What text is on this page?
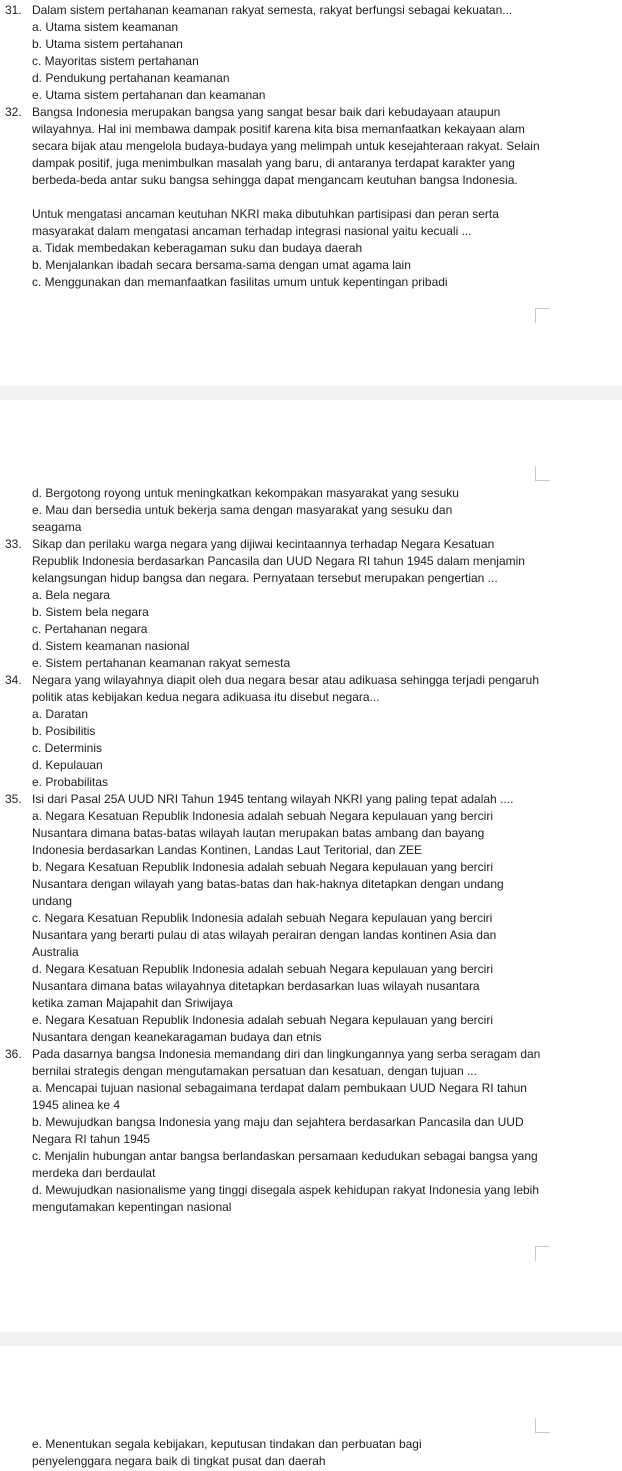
31. Dalam sistem pertahanan keamanan rakyat semesta, rakyat berfungsi sebagai kekuatan...
a. Utama sistem keamanan
b. Utama sistem pertahanan
c. Mayoritas sistem pertahanan
d. Pendukung pertahanan keamanan
e. Utama sistem pertahanan dan keamanan
32. Bangsa Indonesia merupakan bangsa yang sangat besar baik dari kebudayaan ataupun wilayahnya. Hal ini membawa dampak positif karena kita bisa memanfaatkan kekayaan alam secara bijak atau mengelola budaya-budaya yang melimpah untuk kesejahteraan rakyat. Selain dampak positif, juga menimbulkan masalah yang baru, di antaranya terdapat karakter yang berbeda-beda antar suku bangsa sehingga dapat mengancam keutuhan bangsa Indonesia.
Untuk mengatasi ancaman keutuhan NKRI maka dibutuhkan partisipasi dan peran serta masyarakat dalam mengatasi ancaman terhadap integrasi nasional yaitu kecuali ...
a. Tidak membedakan keberagaman suku dan budaya daerah
b. Menjalankan ibadah secara bersama-sama dengan umat agama lain
c. Menggunakan dan memanfaatkan fasilitas umum untuk kepentingan pribadi
d. Bergotong royong untuk meningkatkan kekompakan masyarakat yang sesuku
e. Mau dan bersedia untuk bekerja sama dengan masyarakat yang sesuku dan seagama
33. Sikap dan perilaku warga negara yang dijiwai kecintaannya terhadap Negara Kesatuan Republik Indonesia berdasarkan Pancasila dan UUD Negara RI tahun 1945 dalam menjamin kelangsungan hidup bangsa dan negara. Pernyataan tersebut merupakan pengertian ...
a. Bela negara
b. Sistem bela negara
c. Pertahanan negara
d. Sistem keamanan nasional
e. Sistem pertahanan keamanan rakyat semesta
34. Negara yang wilayahnya diapit oleh dua negara besar atau adikuasa sehingga terjadi pengaruh politik atas kebijakan kedua negara adikuasa itu disebut negara...
a. Daratan
b. Posibilitis
c. Determinis
d. Kepulauan
e. Probabilitas
35. Isi dari Pasal 25A UUD NRI Tahun 1945 tentang wilayah NKRI yang paling tepat adalah ....
a. Negara Kesatuan Republik Indonesia adalah sebuah Negara kepulauan yang berciri Nusantara dimana batas-batas wilayah lautan merupakan batas ambang dan bayang Indonesia berdasarkan Landas Kontinen, Landas Laut Teritorial, dan ZEE
b. Negara Kesatuan Republik Indonesia adalah sebuah Negara kepulauan yang berciri Nusantara dengan wilayah yang batas-batas dan hak-haknya ditetapkan dengan undang undang
c. Negara Kesatuan Republik Indonesia adalah sebuah Negara kepulauan yang berciri Nusantara yang berarti pulau di atas wilayah perairan dengan landas kontinen Asia dan Australia
d. Negara Kesatuan Republik Indonesia adalah sebuah Negara kepulauan yang berciri Nusantara dimana batas wilayahnya ditetapkan berdasarkan luas wilayah nusantara ketika zaman Majapahit dan Sriwijaya
e. Negara Kesatuan Republik Indonesia adalah sebuah Negara kepulauan yang berciri Nusantara dengan keanekaragaman budaya dan etnis
36. Pada dasarnya bangsa Indonesia memandang diri dan lingkungannya yang serba seragam dan bernilai strategis dengan mengutamakan persatuan dan kesatuan, dengan tujuan ...
a. Mencapai tujuan nasional sebagaimana terdapat dalam pembukaan UUD Negara RI tahun 1945 alinea ke 4
b. Mewujudkan bangsa Indonesia yang maju dan sejahtera berdasarkan Pancasila dan UUD Negara RI tahun 1945
c. Menjalin hubungan antar bangsa berlandaskan persamaan kedudukan sebagai bangsa yang merdeka dan berdaulat
d. Mewujudkan nasionalisme yang tinggi disegala aspek kehidupan rakyat Indonesia yang lebih mengutamakan kepentingan nasional
e. Menentukan segala kebijakan, keputusan tindakan dan perbuatan bagi penyelenggara negara baik di tingkat pusat dan daerah
